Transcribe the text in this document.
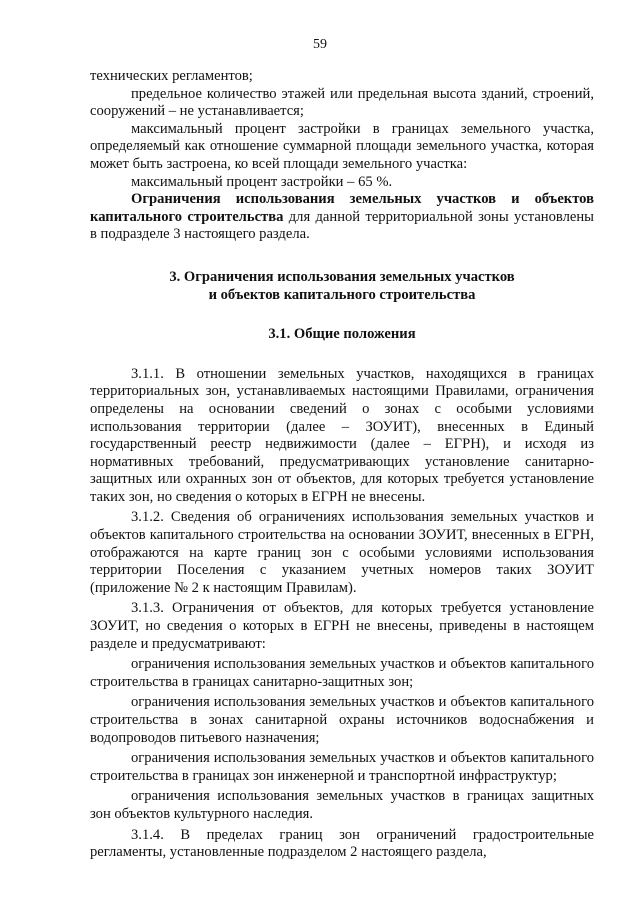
59

технических регламентов;

предельное количество этажей или предельная высота зданий, строений, сооружений – не устанавливается;

максимальный процент застройки в границах земельного участка, определяемый как отношение суммарной площади земельного участка, которая может быть застроена, ко всей площади земельного участка:

максимальный процент застройки – 65 %.

Ограничения использования земельных участков и объектов капитального строительства для данной территориальной зоны установлены в подразделе 3 настоящего раздела.

3. Ограничения использования земельных участков
и объектов капитального строительства

3.1. Общие положения

3.1.1. В отношении земельных участков, находящихся в границах территориальных зон, устанавливаемых настоящими Правилами, ограничения определены на основании сведений о зонах с особыми условиями использования территории (далее – ЗОУИТ), внесенных в Единый государственный реестр недвижимости (далее – ЕГРН), и исходя из нормативных требований, предусматривающих установление санитарно-защитных или охранных зон от объектов, для которых требуется установление таких зон, но сведения о которых в ЕГРН не внесены.

3.1.2. Сведения об ограничениях использования земельных участков и объектов капитального строительства на основании ЗОУИТ, внесенных в ЕГРН, отображаются на карте границ зон с особыми условиями использования территории Поселения с указанием учетных номеров таких ЗОУИТ (приложение № 2 к настоящим Правилам).

3.1.3. Ограничения от объектов, для которых требуется установление ЗОУИТ, но сведения о которых в ЕГРН не внесены, приведены в настоящем разделе и предусматривают:

ограничения использования земельных участков и объектов капитального строительства в границах санитарно-защитных зон;

ограничения использования земельных участков и объектов капитального строительства в зонах санитарной охраны источников водоснабжения и водопроводов питьевого назначения;

ограничения использования земельных участков и объектов капитального строительства в границах зон инженерной и транспортной инфраструктур;

ограничения использования земельных участков в границах защитных зон объектов культурного наследия.

3.1.4. В пределах границ зон ограничений градостроительные регламенты, установленные подразделом 2 настоящего раздела,
